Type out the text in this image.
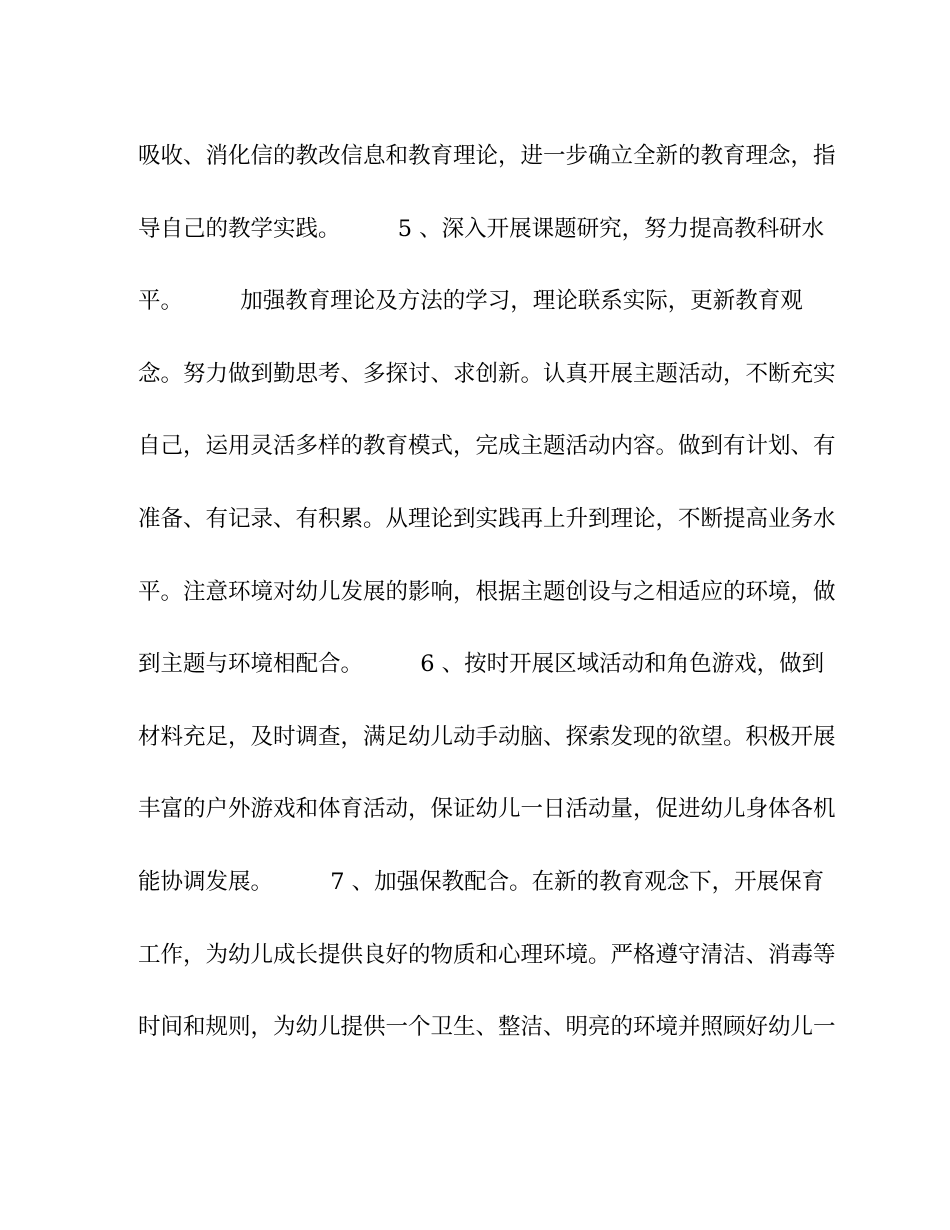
吸收、消化信的教改信息和教育理论，进一步确立全新的教育理念，指
导自己的教学实践。        5 、深入开展课题研究，努力提高教科研水
平。        加强教育理论及方法的学习，理论联系实际，更新教育观
念。努力做到勤思考、多探讨、求创新。认真开展主题活动，不断充实
自己，运用灵活多样的教育模式，完成主题活动内容。做到有计划、有
准备、有记录、有积累。从理论到实践再上升到理论，不断提高业务水
平。注意环境对幼儿发展的影响，根据主题创设与之相适应的环境，做
到主题与环境相配合。        6 、按时开展区域活动和角色游戏，做到
材料充足，及时调查，满足幼儿动手动脑、探索发现的欲望。积极开展
丰富的户外游戏和体育活动，保证幼儿一日活动量，促进幼儿身体各机
能协调发展。        7 、加强保教配合。在新的教育观念下，开展保育
工作，为幼儿成长提供良好的物质和心理环境。严格遵守清洁、消毒等
时间和规则，为幼儿提供一个卫生、整洁、明亮的环境并照顾好幼儿一
